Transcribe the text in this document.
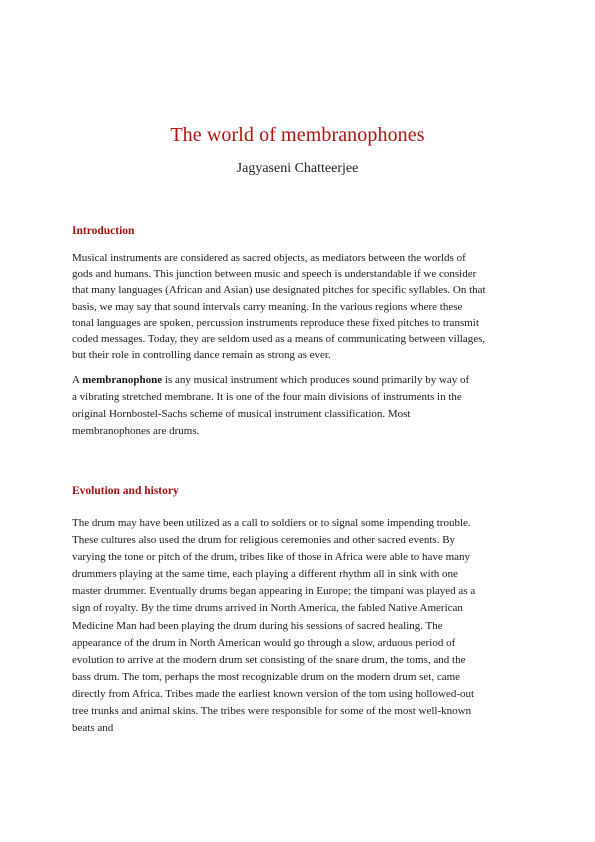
The world of membranophones
Jagyaseni Chatteerjee
Introduction
Musical instruments are considered as sacred objects, as mediators between the worlds of
gods and humans. This junction between music and speech is understandable if we consider
that many languages (African and Asian) use designated pitches for specific syllables. On that
basis, we may say that sound intervals carry meaning. In the various regions where these
tonal languages are spoken, percussion instruments reproduce these fixed pitches to transmit
coded messages. Today, they are seldom used as a means of communicating between villages,
but their role in controlling dance remain as strong as ever.
A membranophone is any musical instrument which produces sound primarily by way of
a vibrating stretched membrane. It is one of the four main divisions of instruments in the
original Hornbostel-Sachs scheme of musical instrument classification. Most
membranophones are drums.
Evolution and history
The drum may have been utilized as a call to soldiers or to signal some impending trouble.
These cultures also used the drum for religious ceremonies and other sacred events. By
varying the tone or pitch of the drum, tribes like of those in Africa were able to have many
drummers playing at the same time, each playing a different rhythm all in sink with one
master drummer. Eventually drums began appearing in Europe; the timpani was played as a
sign of royalty. By the time drums arrived in North America, the fabled Native American
Medicine Man had been playing the drum during his sessions of sacred healing. The
appearance of the drum in North American would go through a slow, arduous period of
evolution to arrive at the modern drum set consisting of the snare drum, the toms, and the
bass drum. The tom, perhaps the most recognizable drum on the modern drum set, came
directly from Africa. Tribes made the earliest known version of the tom using hollowed-out
tree trunks and animal skins. The tribes were responsible for some of the most well-known
beats and
